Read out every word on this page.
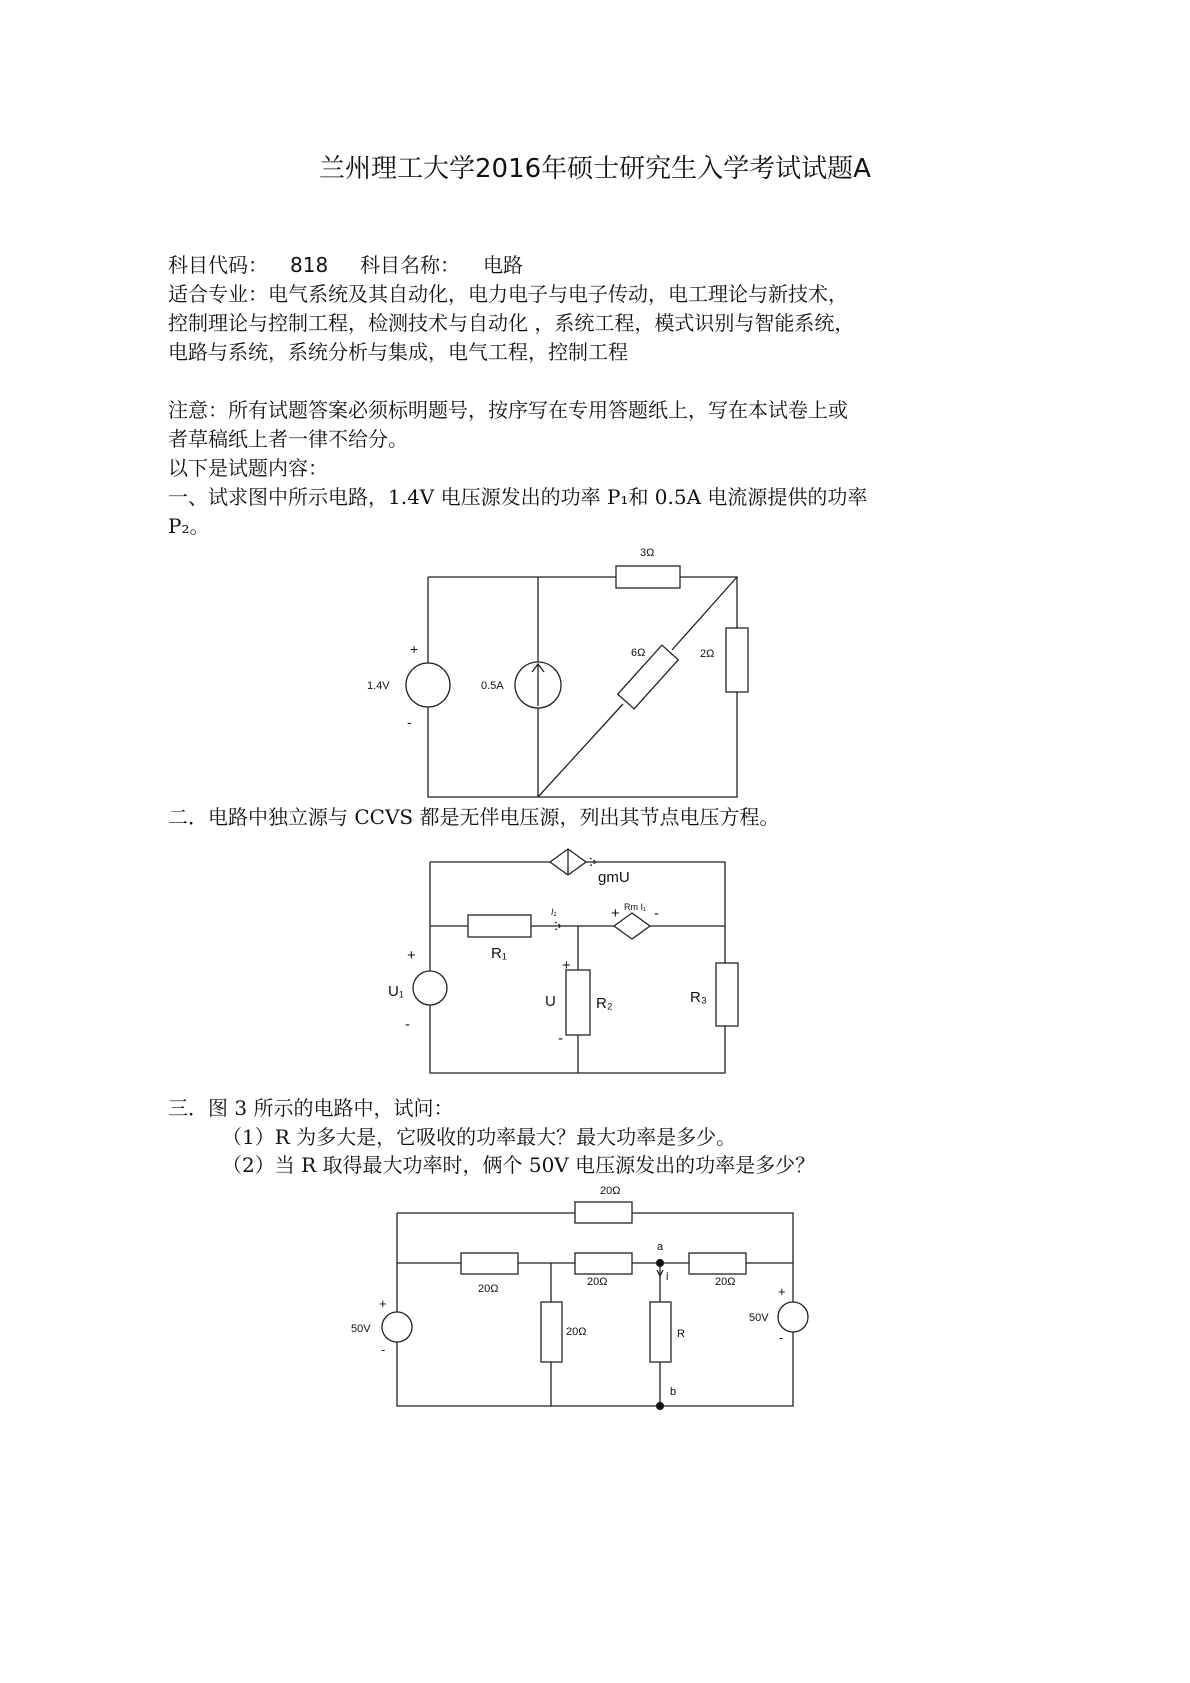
兰州理工大学2016年硕士研究生入学考试试题A
科目代码： 818 科目名称： 电路
适合专业：电气系统及其自动化，电力电子与电子传动，电工理论与新技术，
控制理论与控制工程，检测技术与自动化 ，系统工程，模式识别与智能系统，
电路与系统，系统分析与集成，电气工程，控制工程
注意：所有试题答案必须标明题号，按序写在专用答题纸上，写在本试卷上或
者草稿纸上者一律不给分。
以下是试题内容：
一、试求图中所示电路，1.4V 电压源发出的功率 P₁和 0.5A 电流源提供的功率
P₂。
二．电路中独立源与 CCVS 都是无伴电压源，列出其节点电压方程。
三．图 3 所示的电路中，试问：
（1）R 为多大是，它吸收的功率最大？最大功率是多少。
（2）当 R 取得最大功率时，俩个 50V 电压源发出的功率是多少？
3Ω
6Ω	2Ω
1.4V	0.5A
+
-
gmU
I₁	Rm I₁
+ -
R₁
R₂	R₃
U₁
U
+
-
+
-
20Ω
20Ω
20Ω	20Ω
20Ω	R
a
b
i
50V
50V
+
-
+
-
